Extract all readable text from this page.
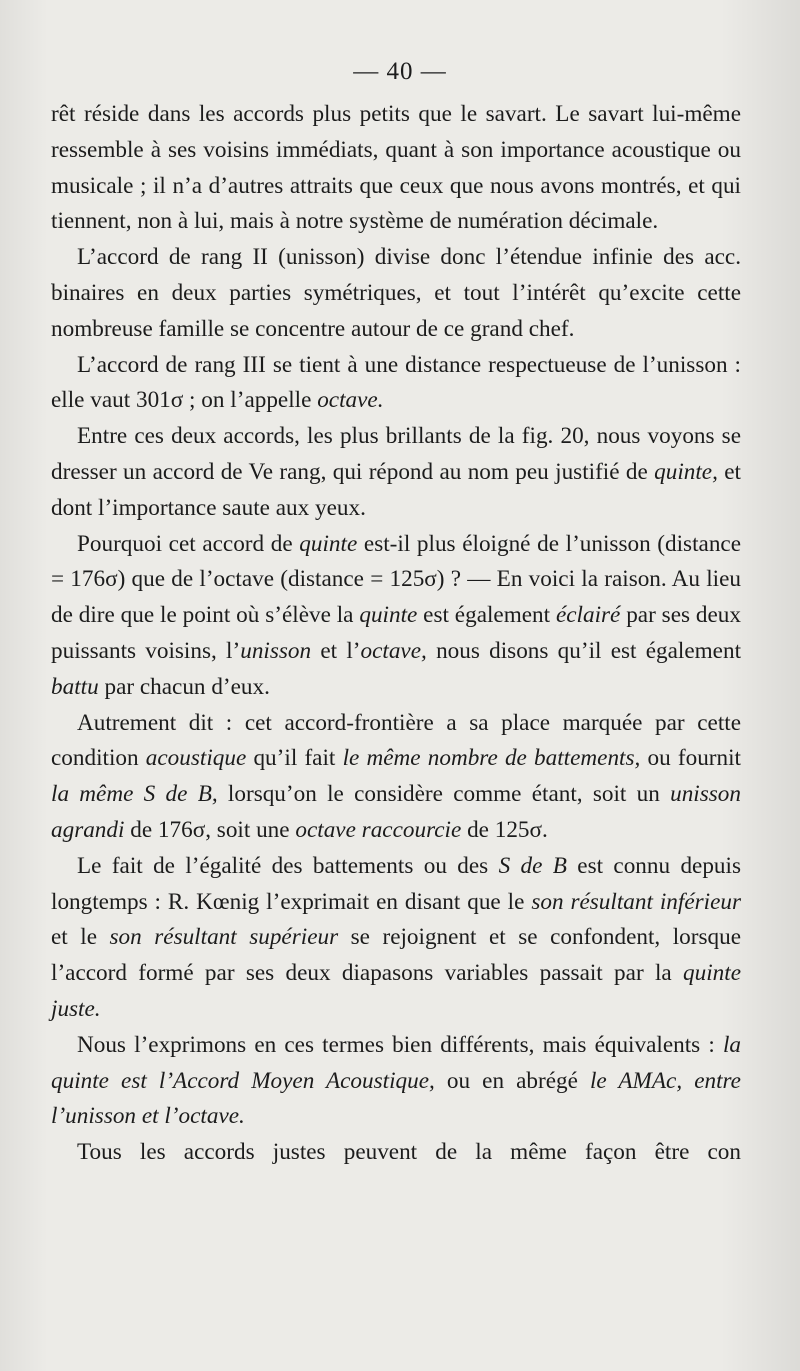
— 40 —

rêt réside dans les accords plus petits que le savart. Le savart lui-même ressemble à ses voisins immédiats, quant à son importance acoustique ou musicale ; il n’a d’autres attraits que ceux que nous avons montrés, et qui tiennent, non à lui, mais à notre système de numération décimale.

L’accord de rang II (unisson) divise donc l’étendue infinie des acc. binaires en deux parties symétriques, et tout l’intérêt qu’excite cette nombreuse famille se concentre autour de ce grand chef.

L’accord de rang III se tient à une distance respectueuse de l’unisson : elle vaut 301σ ; on l’appelle octave.

Entre ces deux accords, les plus brillants de la fig. 20, nous voyons se dresser un accord de Ve rang, qui répond au nom peu justifié de quinte, et dont l’importance saute aux yeux.

Pourquoi cet accord de quinte est-il plus éloigné de l’unisson (distance = 176σ) que de l’octave (distance = 125σ) ? — En voici la raison. Au lieu de dire que le point où s’élève la quinte est également éclairé par ses deux puissants voisins, l’unisson et l’octave, nous disons qu’il est également battu par chacun d’eux.

Autrement dit : cet accord-frontière a sa place marquée par cette condition acoustique qu’il fait le même nombre de battements, ou fournit la même S de B, lorsqu’on le considère comme étant, soit un unisson agrandi de 176σ, soit une octave raccourcie de 125σ.

Le fait de l’égalité des battements ou des S de B est connu depuis longtemps : R. Kœnig l’exprimait en disant que le son résultant inférieur et le son résultant supérieur se rejoignent et se confondent, lorsque l’accord formé par ses deux diapasons variables passait par la quinte juste.

Nous l’exprimons en ces termes bien différents, mais équivalents : la quinte est l’Accord Moyen Acoustique, ou en abrégé le AMAc, entre l’unisson et l’octave.

Tous les accords justes peuvent de la même façon être con
